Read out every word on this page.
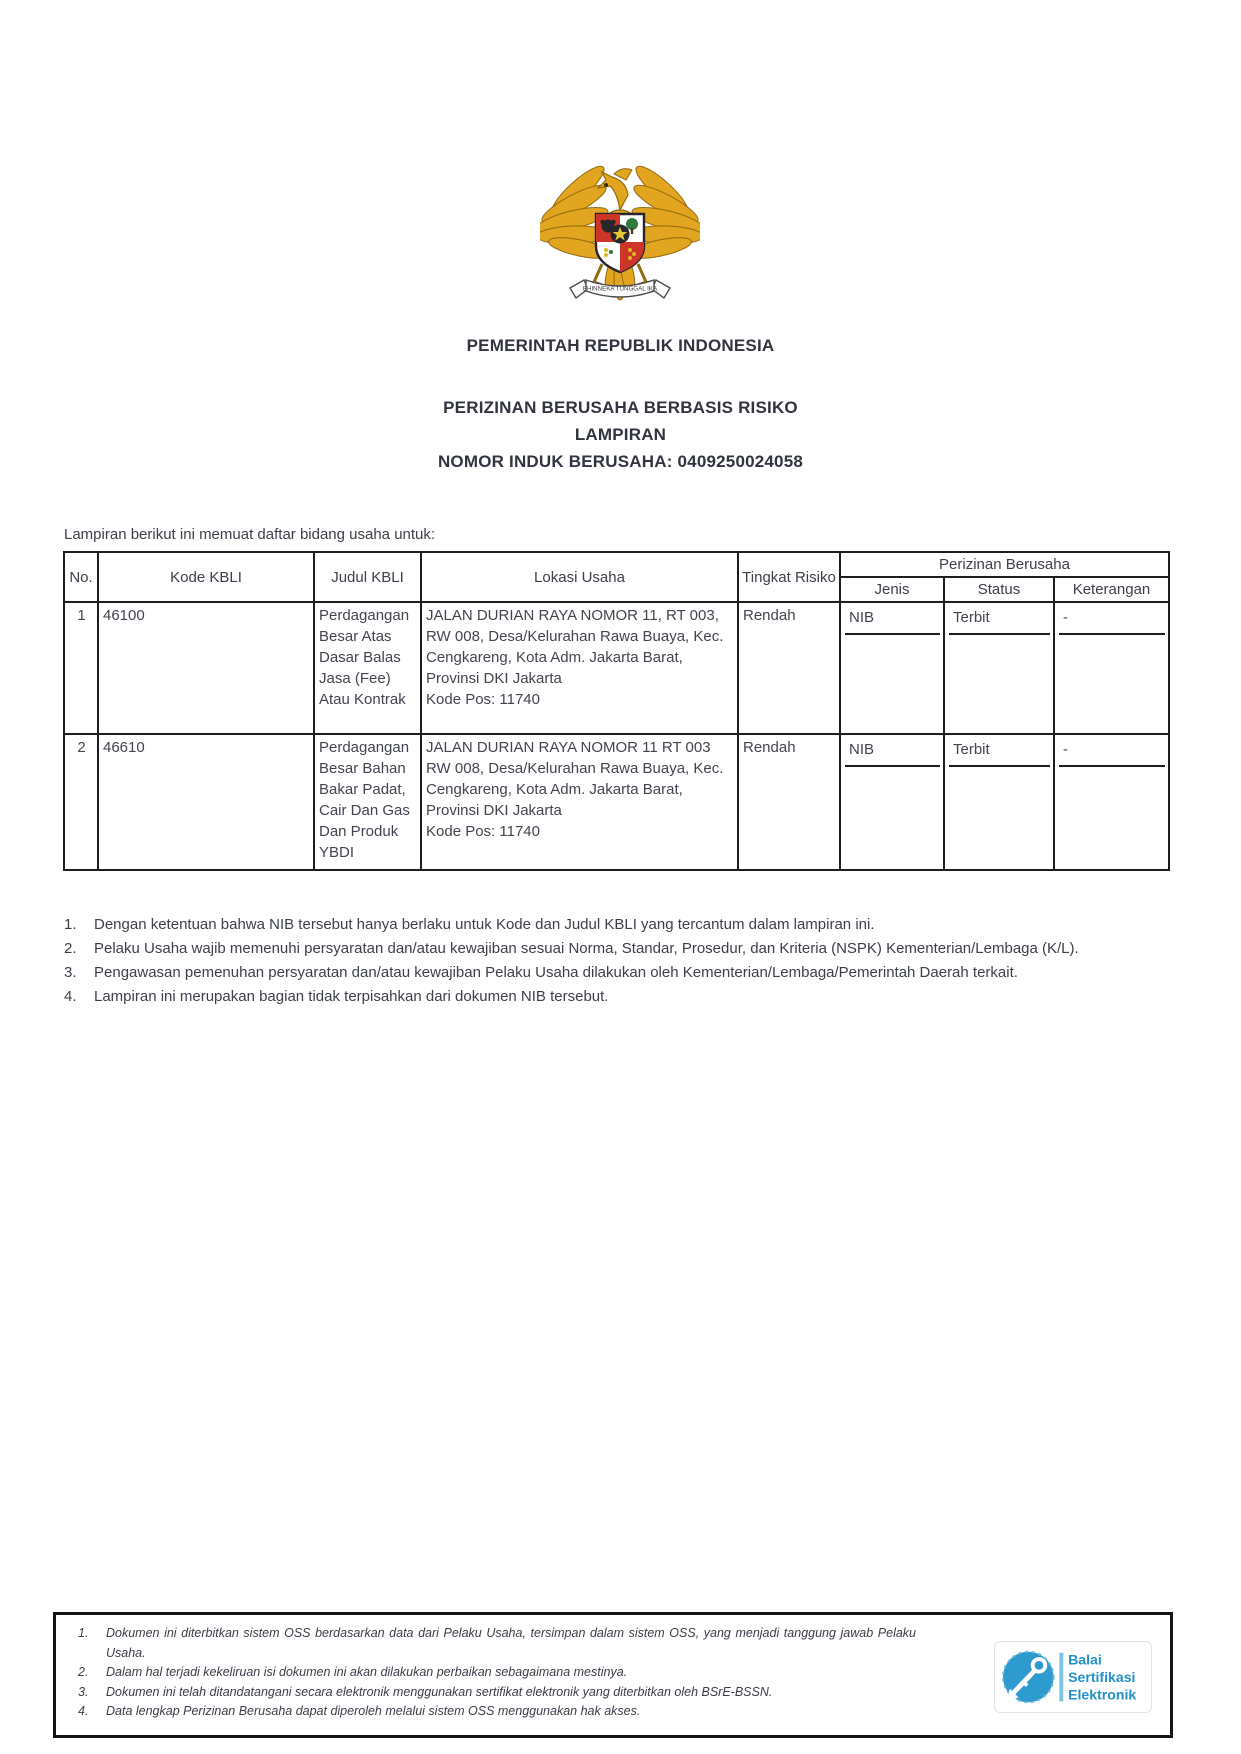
BHINNEKA TUNGGAL IKA
PEMERINTAH REPUBLIK INDONESIA
PERIZINAN BERUSAHA BERBASIS RISIKO
LAMPIRAN
NOMOR INDUK BERUSAHA: 0409250024058
Lampiran berikut ini memuat daftar bidang usaha untuk:
No.	Kode KBLI	Judul KBLI	Lokasi Usaha	Tingkat Risiko	Perizinan Berusaha		
					Jenis	Status	Keterangan
1	46100	Perdagangan Besar Atas Dasar Balas Jasa (Fee) Atau Kontrak	JALAN DURIAN RAYA NOMOR 11, RT 003, RW 008, Desa/Kelurahan Rawa Buaya, Kec. Cengkareng, Kota Adm. Jakarta Barat, Provinsi DKI Jakarta
Kode Pos: 11740	Rendah	NIB	Terbit	-

2	46610	Perdagangan Besar Bahan Bakar Padat, Cair Dan Gas Dan Produk YBDI	JALAN DURIAN RAYA NOMOR 11 RT 003 RW 008, Desa/Kelurahan Rawa Buaya, Kec. Cengkareng, Kota Adm. Jakarta Barat, Provinsi DKI Jakarta
Kode Pos: 11740	Rendah	NIB	Terbit	-
1.	Dengan ketentuan bahwa NIB tersebut hanya berlaku untuk Kode dan Judul KBLI yang tercantum dalam lampiran ini.
2.	Pelaku Usaha wajib memenuhi persyaratan dan/atau kewajiban sesuai Norma, Standar, Prosedur, dan Kriteria (NSPK) Kementerian/Lembaga (K/L).
3.	Pengawasan pemenuhan persyaratan dan/atau kewajiban Pelaku Usaha dilakukan oleh Kementerian/Lembaga/Pemerintah Daerah terkait.
4.	Lampiran ini merupakan bagian tidak terpisahkan dari dokumen NIB tersebut.
1.	Dokumen ini diterbitkan sistem OSS berdasarkan data dari Pelaku Usaha, tersimpan dalam sistem OSS, yang menjadi tanggung jawab Pelaku Usaha.
2.	Dalam hal terjadi kekeliruan isi dokumen ini akan dilakukan perbaikan sebagaimana mestinya.
3.	Dokumen ini telah ditandatangani secara elektronik menggunakan sertifikat elektronik yang diterbitkan oleh BSrE-BSSN.
4.	Data lengkap Perizinan Berusaha dapat diperoleh melalui sistem OSS menggunakan hak akses.
Balai
Sertifikasi
Elektronik
